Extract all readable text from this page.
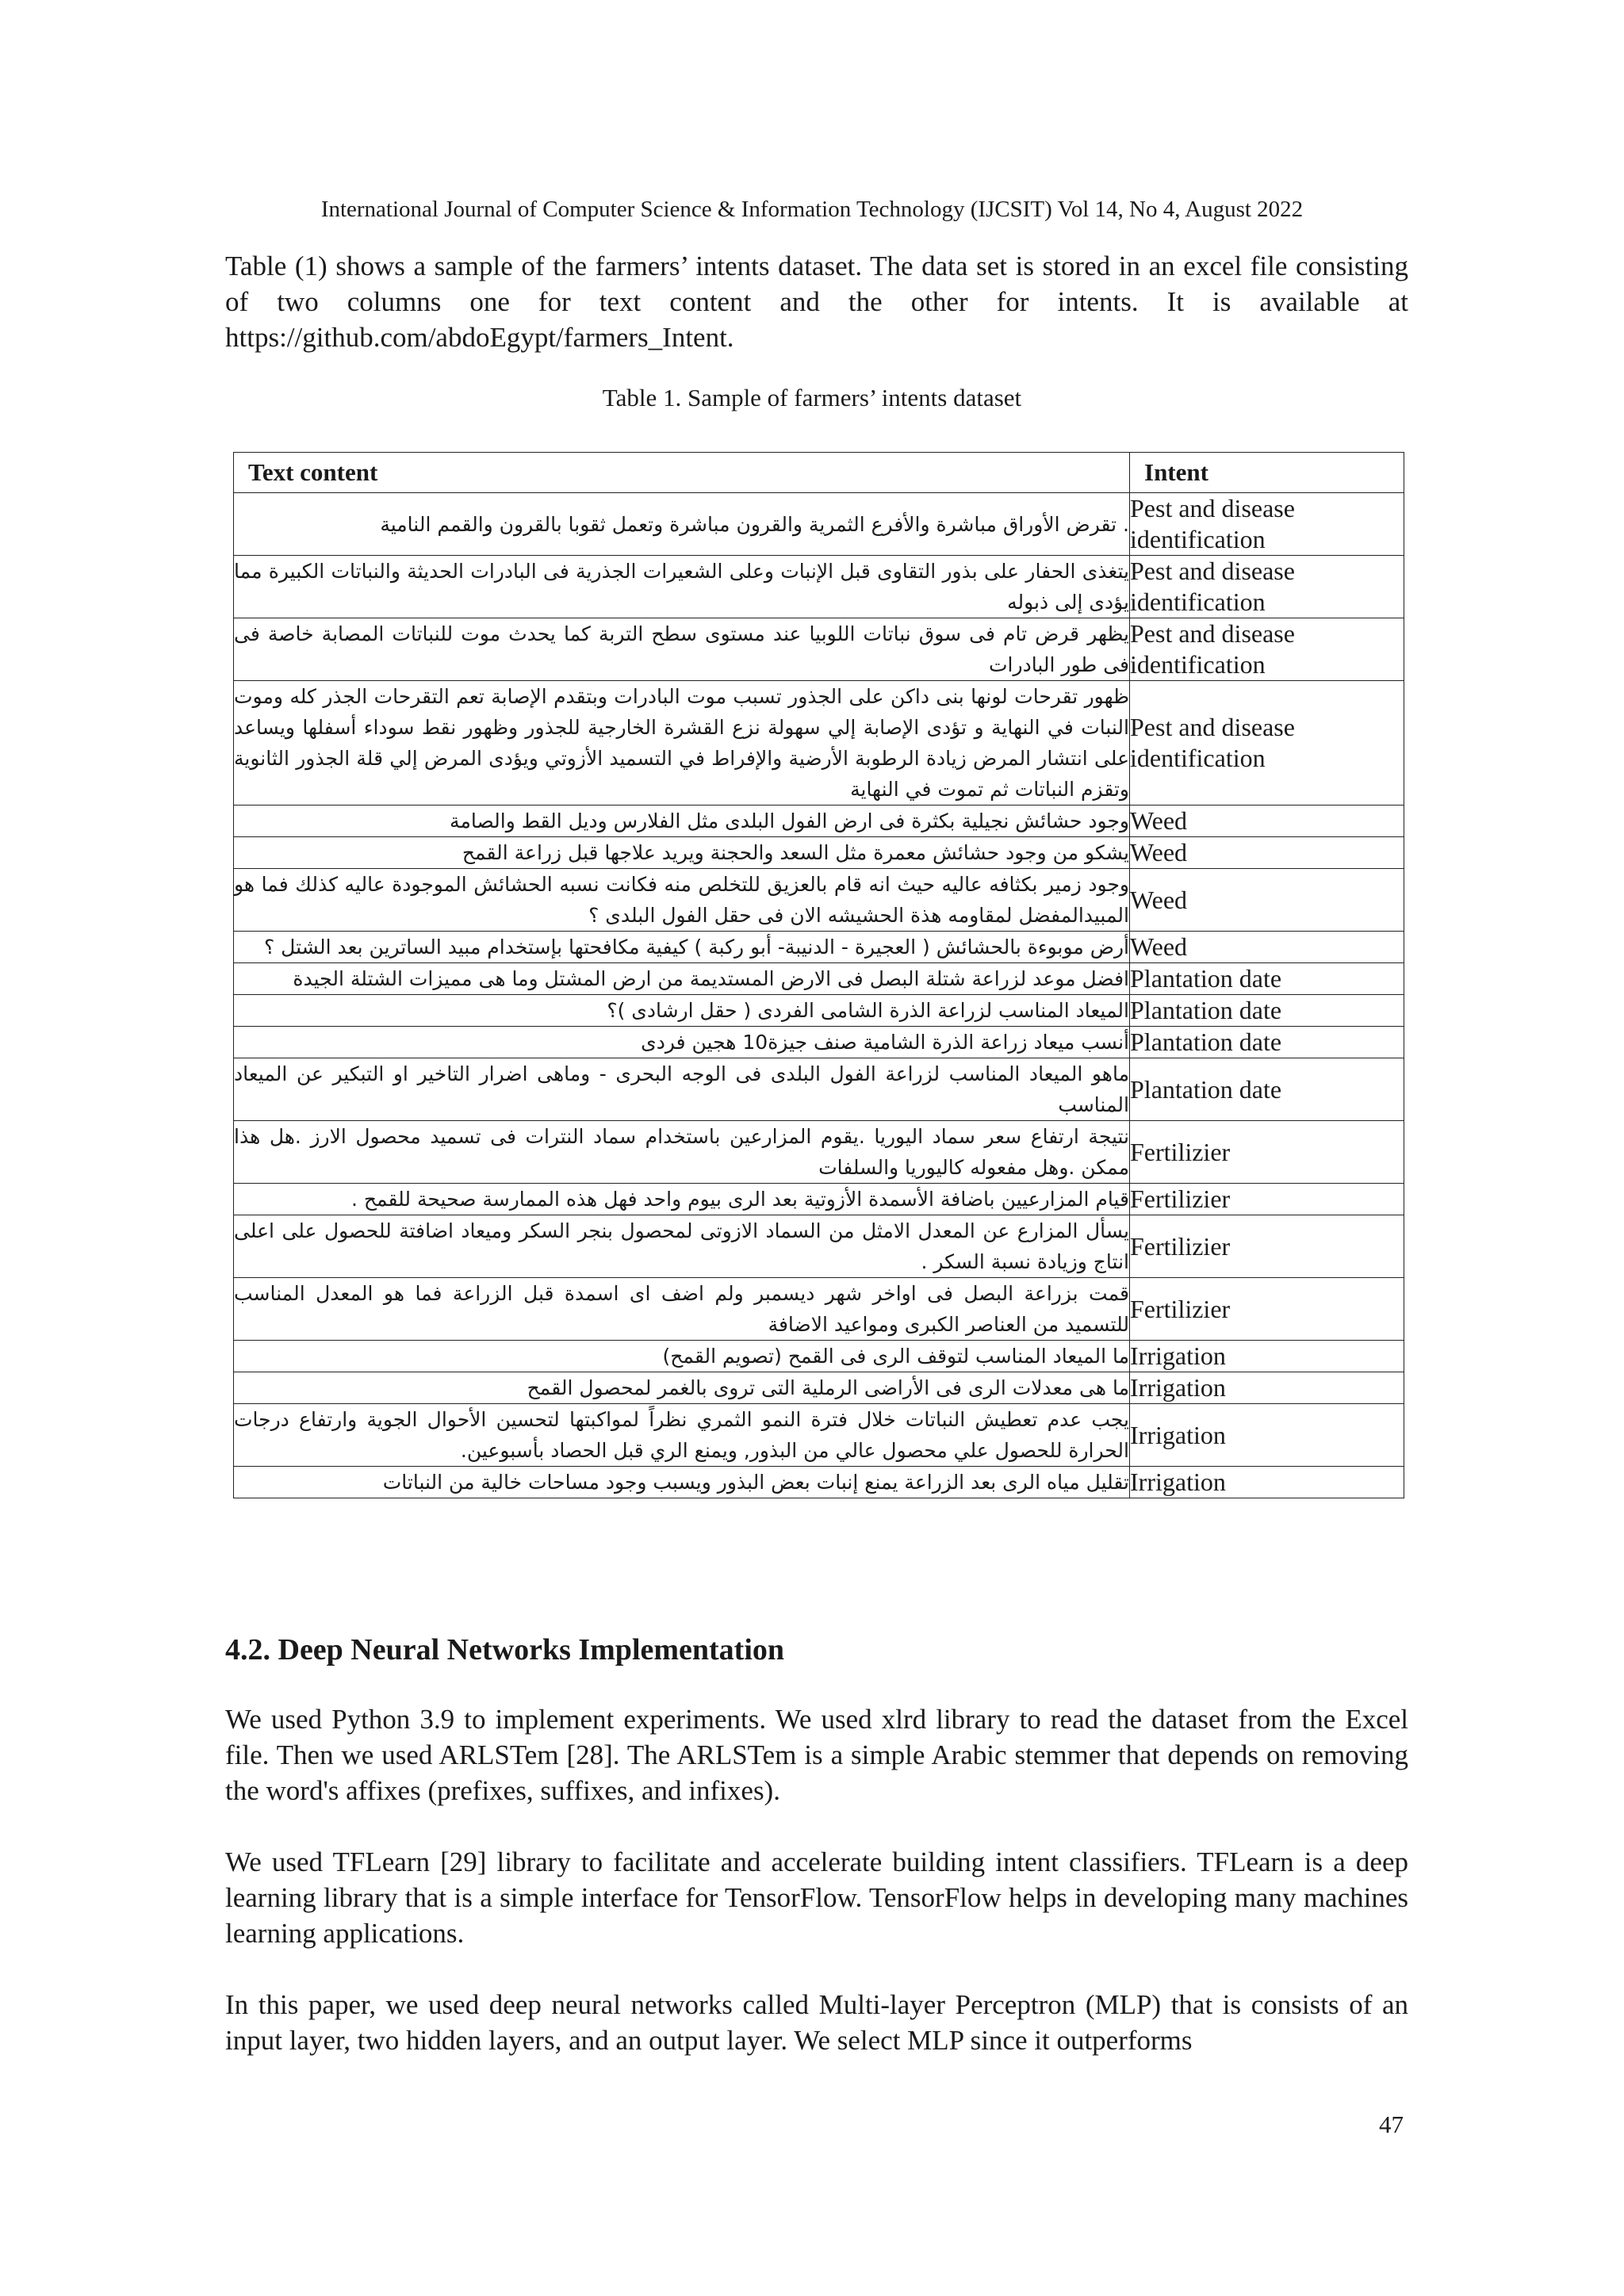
International Journal of Computer Science & Information Technology (IJCSIT) Vol 14, No 4, August 2022

Table (1) shows a sample of the farmers’ intents dataset. The data set is stored in an excel file consisting of two columns one for text content and the other for intents. It is available at https://github.com/abdoEgypt/farmers_Intent.

Table 1. Sample of farmers’ intents dataset
Text content	Intent
. تقرض الأوراق مباشرة والأفرع الثمرية والقرون مباشرة وتعمل ثقوبا بالقرون والقمم النامية	Pest and disease identification
يتغذى الحفار على بذور التقاوى قبل الإنبات وعلى الشعيرات الجذرية فى البادرات الحديثة والنباتات الكبيرة مما يؤدى إلى ذبوله	Pest and disease identification
يظهر قرض تام فى سوق نباتات اللوبيا عند مستوى سطح التربة كما يحدث موت للنباتات المصابة خاصة فى فى طور البادرات	Pest and disease identification
ظهور تقرحات لونها بنى داكن على الجذور تسبب موت البادرات وبتقدم الإصابة تعم التقرحات الجذر كله وموت النبات في النهاية و تؤدى الإصابة إلي سهولة نزع القشرة الخارجية للجذور وظهور نقط سوداء أسفلها ويساعد على انتشار المرض زيادة الرطوبة الأرضية والإفراط في التسميد الأزوتي ويؤدى المرض إلي قلة الجذور الثانوية وتقزم النباتات ثم تموت في النهاية	Pest and disease identification
وجود حشائش نجيلية بكثرة فى ارض الفول البلدى مثل الفلارس وديل القط والصامة	Weed
يشكو من وجود حشائش معمرة مثل السعد والحجنة ويريد علاجها قبل زراعة القمح	Weed
وجود زمير بكثافه عاليه حيث انه قام بالعزيق للتخلص منه فكانت نسبه الحشائش الموجودة عاليه كذلك فما هو المبيدالمفضل لمقاومه هذة الحشيشه الان فى حقل الفول البلدى ؟	Weed
أرض موبوءة بالحشائش ( العجيرة - الدنيبة- أبو ركبة ) كيفية مكافحتها بإستخدام مبيد الساترين بعد الشتل ؟	Weed
افضل موعد لزراعة شتلة البصل فى الارض المستديمة من ارض المشتل وما هى مميزات الشتلة الجيدة	Plantation date
الميعاد المناسب لزراعة الذرة الشامى الفردى ( حقل ارشادى )؟	Plantation date
أنسب ميعاد زراعة الذرة الشامية صنف جيزة10 هجين فردى	Plantation date
ماهو الميعاد المناسب لزراعة الفول البلدى فى الوجه البحرى - وماهى اضرار التاخير او التبكير عن الميعاد المناسب	Plantation date
نتيجة ارتفاع سعر سماد اليوريا .يقوم المزارعين باستخدام سماد النترات فى تسميد محصول الارز .هل هذا ممكن .وهل مفعوله كاليوريا والسلفات	Fertilizier
قيام المزارعيين باضافة الأسمدة الأزوتية بعد الرى بيوم واحد فهل هذه الممارسة صحيحة للقمح .	Fertilizier
يسأل المزارع عن المعدل الامثل من السماد الازوتى لمحصول بنجر السكر وميعاد اضافتة للحصول على اعلى انتاج وزيادة نسبة السكر .	Fertilizier
قمت بزراعة البصل فى اواخر شهر ديسمبر ولم اضف اى اسمدة قبل الزراعة فما هو المعدل المناسب للتسميد من العناصر الكبرى ومواعيد الاضافة	Fertilizier
ما الميعاد المناسب لتوقف الرى فى القمح (تصويم القمح)	Irrigation
ما هى معدلات الرى فى الأراضى الرملية التى تروى بالغمر لمحصول القمح	Irrigation
يجب عدم تعطيش النباتات خلال فترة النمو الثمري نظراً لمواكبتها لتحسين الأحوال الجوية وارتفاع درجات الحرارة للحصول علي محصول عالي من البذور, ويمنع الري قبل الحصاد بأسبوعين.	Irrigation
تقليل مياه الرى بعد الزراعة يمنع إنبات بعض البذور ويسبب وجود مساحات خالية من النباتات	Irrigation
4.2. Deep Neural Networks Implementation

We used Python 3.9 to implement experiments. We used xlrd library to read the dataset from the Excel file. Then we used ARLSTem [28]. The ARLSTem is a simple Arabic stemmer that depends on removing the word's affixes (prefixes, suffixes, and infixes).

We used TFLearn [29] library to facilitate and accelerate building intent classifiers. TFLearn is a deep learning library that is a simple interface for TensorFlow. TensorFlow helps in developing many machines learning applications.

In this paper, we used deep neural networks called Multi-layer Perceptron (MLP) that is consists of an input layer, two hidden layers, and an output layer. We select MLP since it outperforms

47
